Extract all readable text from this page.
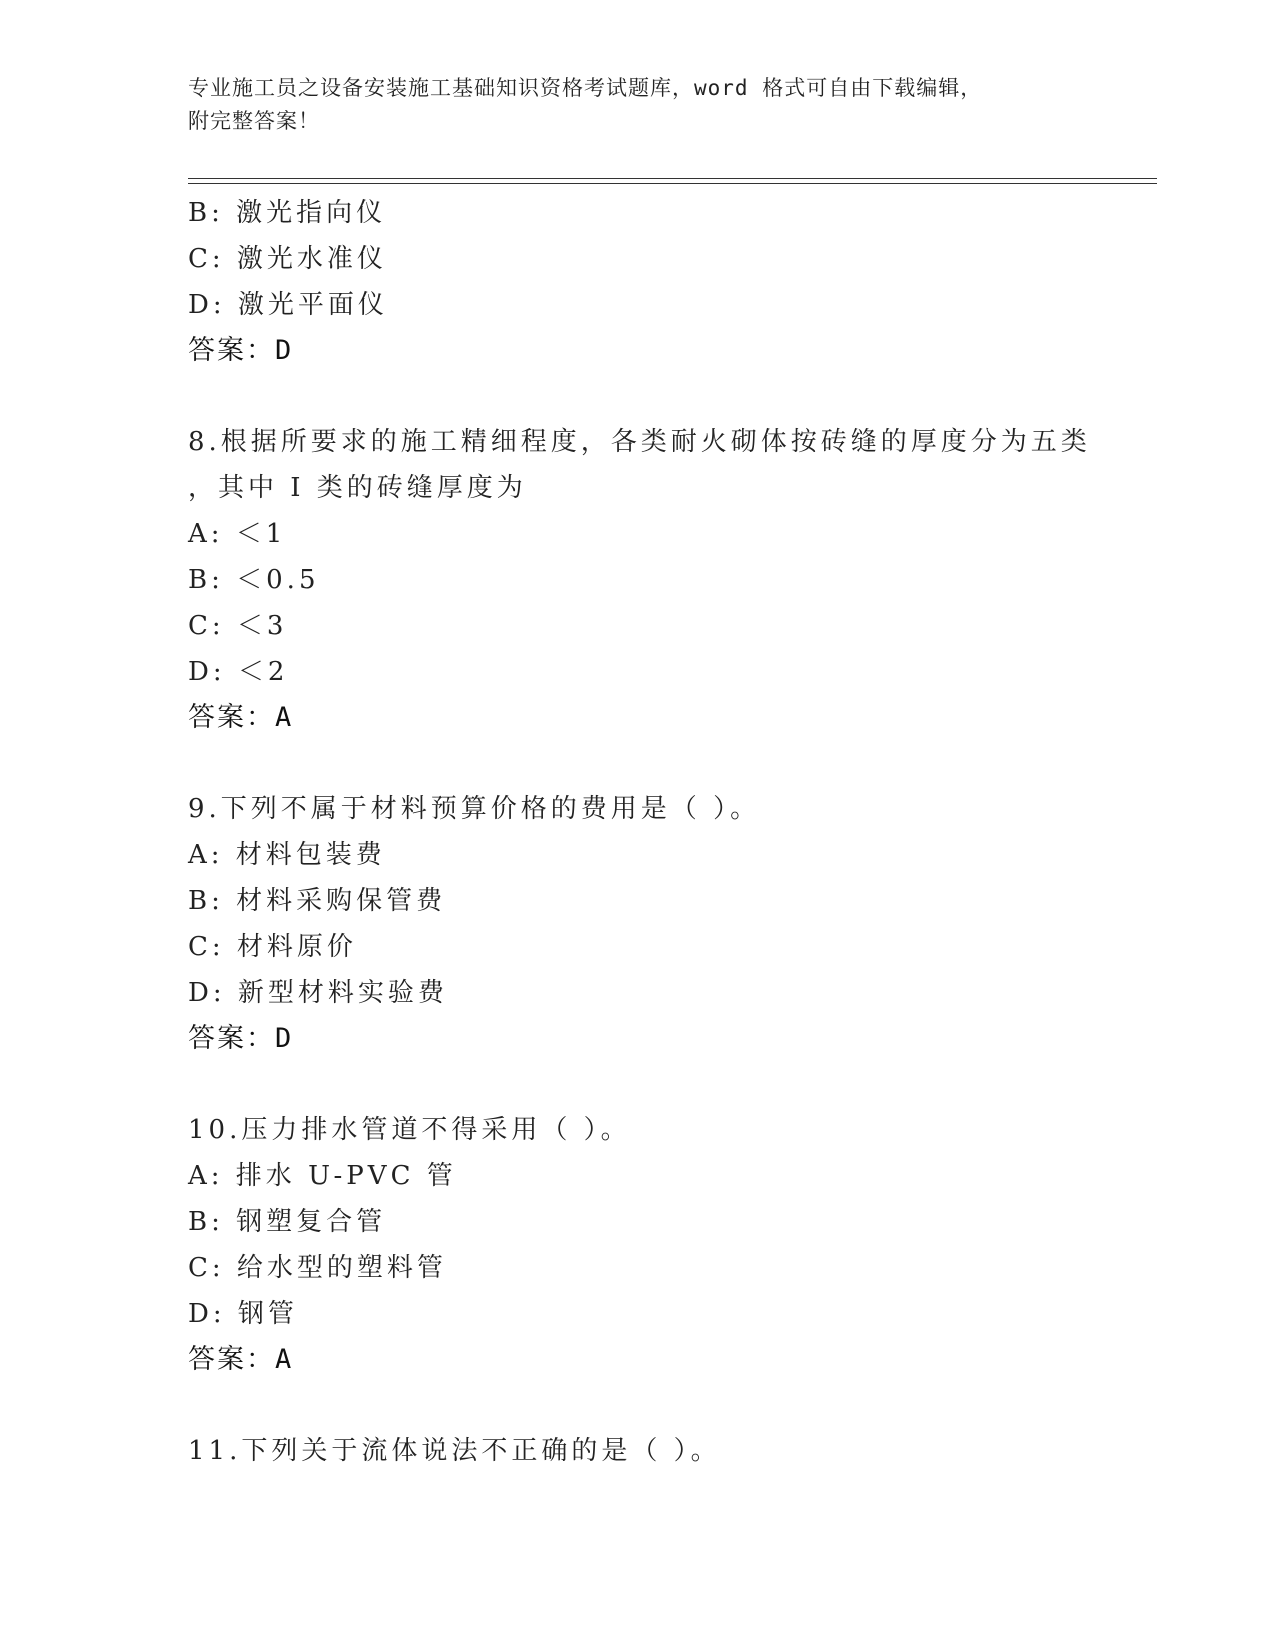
专业施工员之设备安装施工基础知识资格考试题库，word 格式可自由下载编辑，
附完整答案！
B: 激光指向仪
C: 激光水准仪
D: 激光平面仪
答案：D
8.根据所要求的施工精细程度，各类耐火砌体按砖缝的厚度分为五类
，其中 I 类的砖缝厚度为
A: ＜1
B: ＜0.5
C: ＜3
D: ＜2
答案：A
9.下列不属于材料预算价格的费用是（ ）。
A: 材料包装费
B: 材料采购保管费
C: 材料原价
D: 新型材料实验费
答案：D
10.压力排水管道不得采用（ ）。
A: 排水 U-PVC 管
B: 钢塑复合管
C: 给水型的塑料管
D: 钢管
答案：A
11.下列关于流体说法不正确的是（ ）。
